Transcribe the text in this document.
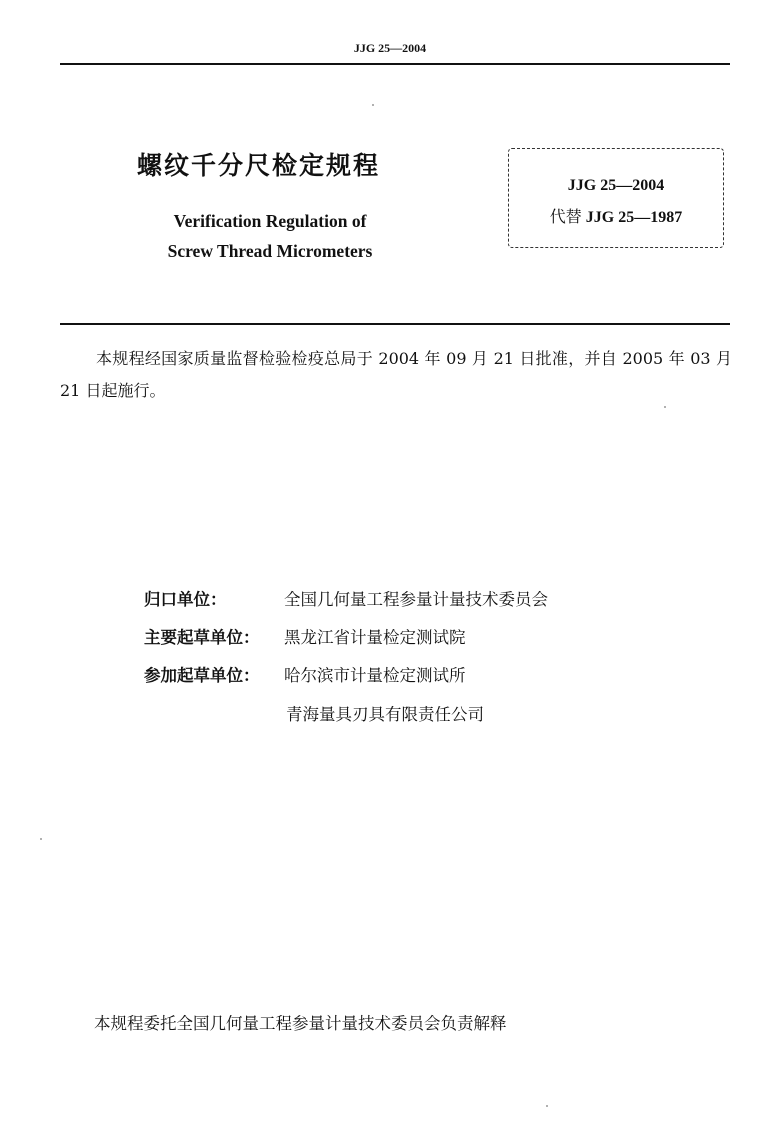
JJG 25—2004
螺纹千分尺检定规程
Verification Regulation of
Screw Thread Micrometers
JJG 25—2004
代替 JJG 25—1987
本规程经国家质量监督检验检疫总局于 2004 年 09 月 21 日批准，并自 2005 年 03 月 21 日起施行。
归口单位：	全国几何量工程参量计量技术委员会
主要起草单位： 黑龙江省计量检定测试院
参加起草单位： 哈尔滨市计量检定测试所
青海量具刃具有限责任公司
本规程委托全国几何量工程参量计量技术委员会负责解释
